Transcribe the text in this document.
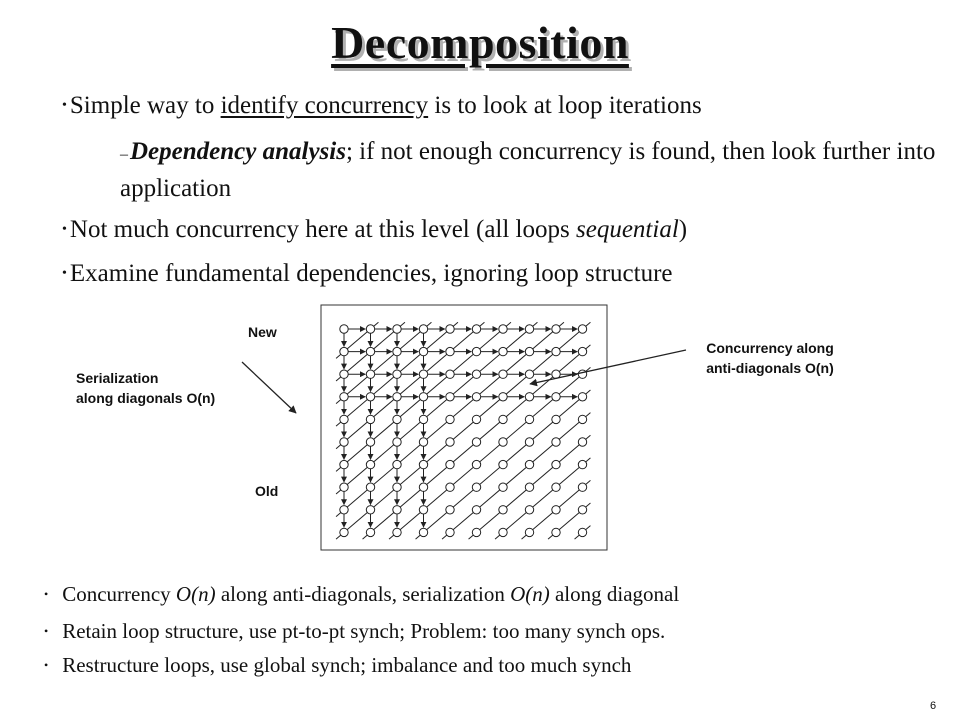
Decomposition
• Simple way to identify concurrency is to look at loop iterations
–Dependency analysis; if not enough concurrency is found, then look further into application
• Not much concurrency here at this level (all loops sequential)
• Examine fundamental dependencies, ignoring loop structure
New
Old
Serialization
along diagonals O(n)
Concurrency along
anti-diagonals O(n)
• Concurrency O(n) along anti-diagonals, serialization O(n) along diagonal
• Retain loop structure, use pt-to-pt synch; Problem: too many synch ops.
• Restructure loops, use global synch; imbalance and too much synch
6
